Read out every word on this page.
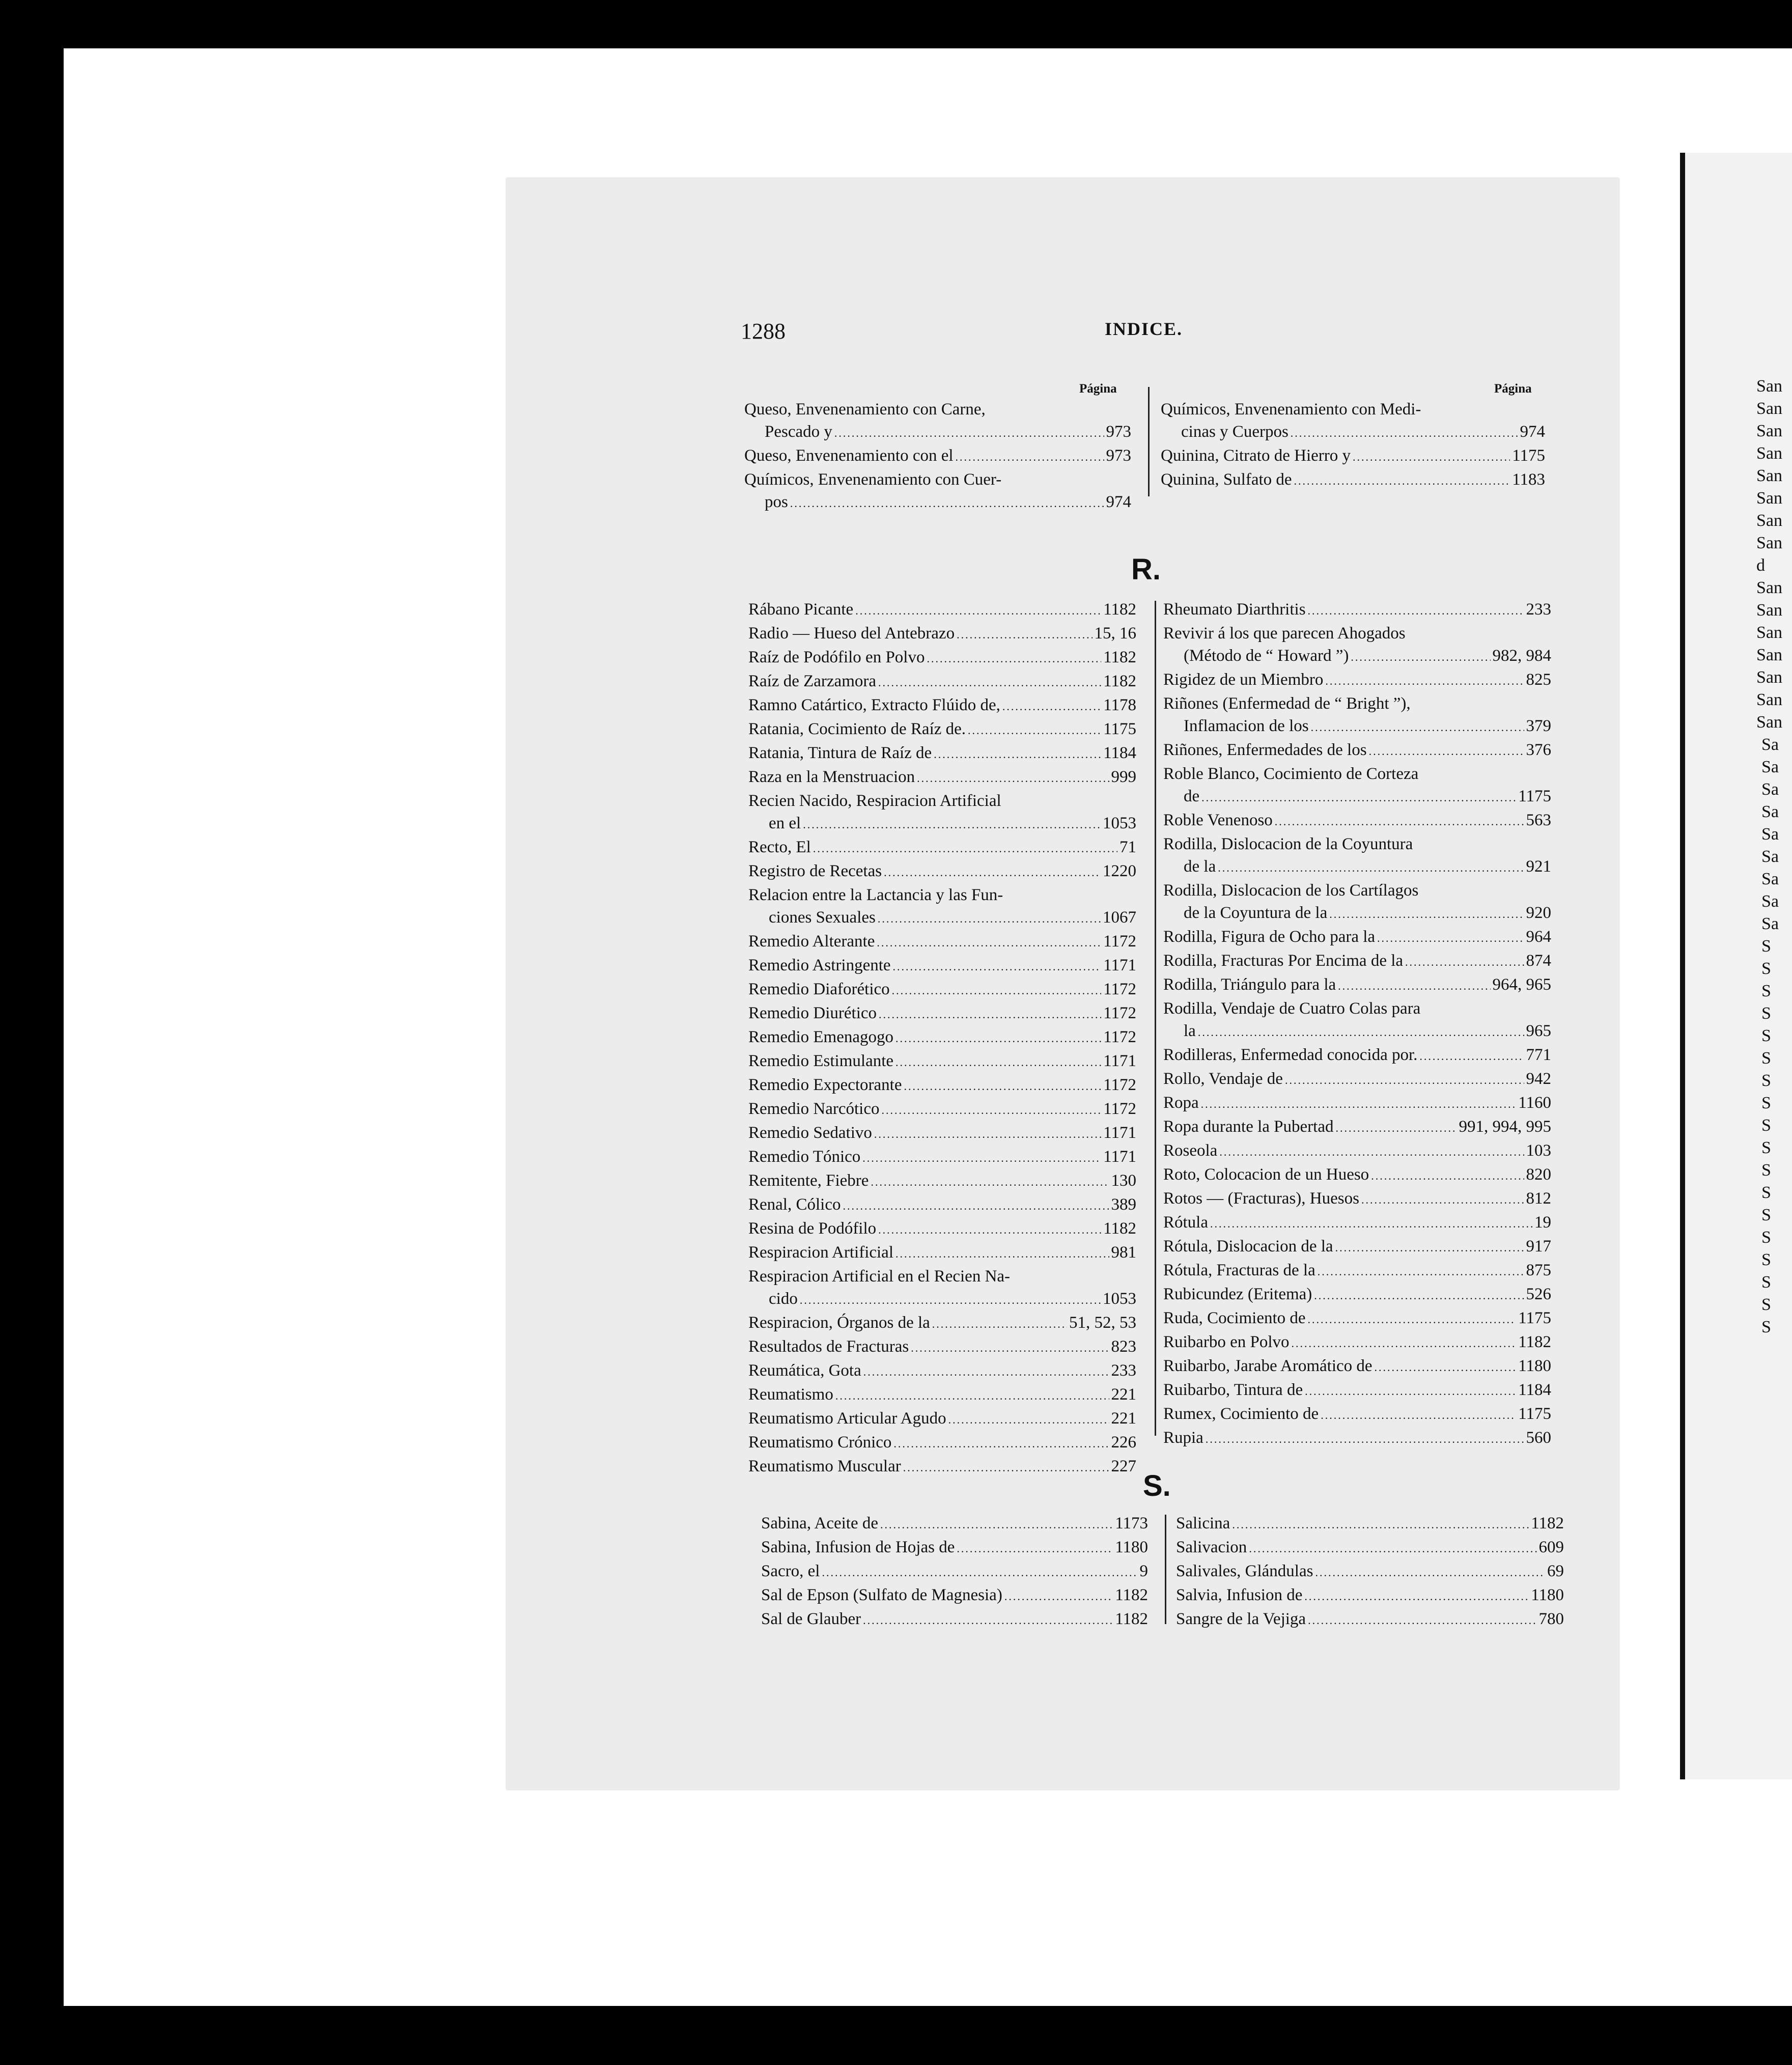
San
San
San
San
San
San
San
San
d
San
San
San
San
San
San
San
Sa
Sa
Sa
Sa
Sa
Sa
Sa
Sa
Sa
S
S
S
S
S
S
S
S
S
S
S
S
S
S
S
S
S
S
1288	INDICE.
Página	Página
Queso, Envenenamiento con Carne,
Pescado y .....	973
Queso, Envenenamiento con el .....	973
Químicos, Envenenamiento con Cuer-
pos .....	974
Químicos, Envenenamiento con Medi-
cinas y Cuerpos .....	974
Quinina, Citrato de Hierro y .....	1175
Quinina, Sulfato de .....	1183
R.
Rábano Picante .....	1182
Radio — Hueso del Antebrazo .....	15, 16
Raíz de Podófilo en Polvo .....	1182
Raíz de Zarzamora .....	1182
Ramno Catártico, Extracto Flúido de, .....	1178
Ratania, Cocimiento de Raíz de. .....	1175
Ratania, Tintura de Raíz de .....	1184
Raza en la Menstruacion .....	999
Recien Nacido, Respiracion Artificial
en el .....	1053
Recto, El .....	71
Registro de Recetas .....	1220
Relacion entre la Lactancia y las Fun-
ciones Sexuales .....	1067
Remedio Alterante .....	1172
Remedio Astringente .....	1171
Remedio Diaforético .....	1172
Remedio Diurético .....	1172
Remedio Emenagogo .....	1172
Remedio Estimulante .....	1171
Remedio Expectorante .....	1172
Remedio Narcótico .....	1172
Remedio Sedativo .....	1171
Remedio Tónico .....	1171
Remitente, Fiebre .....	130
Renal, Cólico .....	389
Resina de Podófilo .....	1182
Respiracion Artificial .....	981
Respiracion Artificial en el Recien Na-
cido .....	1053
Respiracion, Órganos de la .....	51, 52, 53
Resultados de Fracturas .....	823
Reumática, Gota .....	233
Reumatismo .....	221
Reumatismo Articular Agudo .....	221
Reumatismo Crónico .....	226
Reumatismo Muscular .....	227
Rheumato Diarthritis .....	233
Revivir á los que parecen Ahogados
(Método de “ Howard ”) .....	982, 984
Rigidez de un Miembro .....	825
Riñones (Enfermedad de “ Bright ”),
Inflamacion de los .....	379
Riñones, Enfermedades de los .....	376
Roble Blanco, Cocimiento de Corteza
de .....	1175
Roble Venenoso .....	563
Rodilla, Dislocacion de la Coyuntura
de la .....	921
Rodilla, Dislocacion de los Cartílagos
de la Coyuntura de la .....	920
Rodilla, Figura de Ocho para la .....	964
Rodilla, Fracturas Por Encima de la .....	874
Rodilla, Triángulo para la .....	964, 965
Rodilla, Vendaje de Cuatro Colas para
la .....	965
Rodilleras, Enfermedad conocida por. .....	771
Rollo, Vendaje de .....	942
Ropa .....	1160
Ropa durante la Pubertad .....	991, 994, 995
Roseola .....	103
Roto, Colocacion de un Hueso .....	820
Rotos — (Fracturas), Huesos .....	812
Rótula .....	19
Rótula, Dislocacion de la .....	917
Rótula, Fracturas de la .....	875
Rubicundez (Eritema) .....	526
Ruda, Cocimiento de .....	1175
Ruibarbo en Polvo .....	1182
Ruibarbo, Jarabe Aromático de .....	1180
Ruibarbo, Tintura de .....	1184
Rumex, Cocimiento de .....	1175
Rupia .....	560
S.
Sabina, Aceite de .....	1173
Sabina, Infusion de Hojas de .....	1180
Sacro, el .....	9
Sal de Epson (Sulfato de Magnesia) .....	1182
Sal de Glauber .....	1182
Salicina .....	1182
Salivacion .....	609
Salivales, Glándulas .....	69
Salvia, Infusion de .....	1180
Sangre de la Vejiga .....	780
